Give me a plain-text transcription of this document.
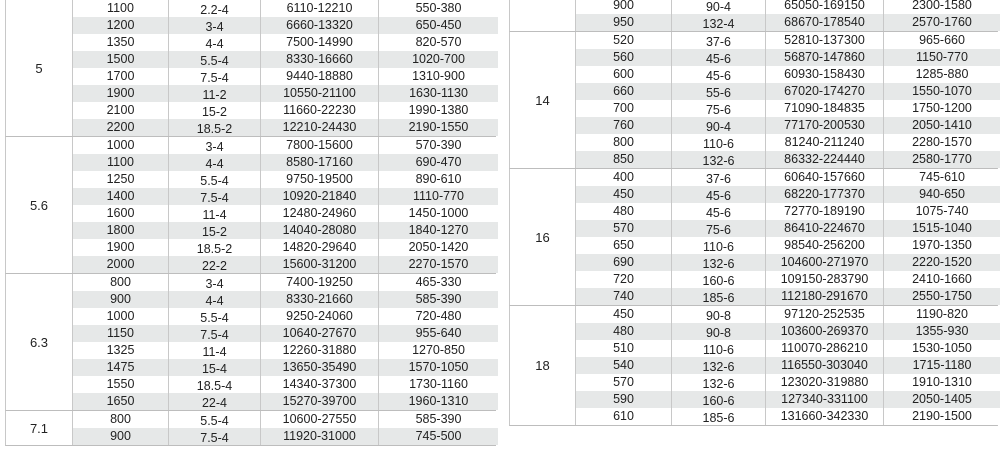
5
1100	2.2-4	6110-12210	550-380
1200	3-4	6660-13320	650-450
1350	4-4	7500-14990	820-570
1500	5.5-4	8330-16660	1020-700
1700	7.5-4	9440-18880	1310-900
1900	11-2	10550-21100	1630-1130
2100	15-2	11660-22230	1990-1380
2200	18.5-2	12210-24430	2190-1550
5.6
1000	3-4	7800-15600	570-390
1100	4-4	8580-17160	690-470
1250	5.5-4	9750-19500	890-610
1400	7.5-4	10920-21840	1110-770
1600	11-4	12480-24960	1450-1000
1800	15-2	14040-28080	1840-1270
1900	18.5-2	14820-29640	2050-1420
2000	22-2	15600-31200	2270-1570
6.3
800	3-4	7400-19250	465-330
900	4-4	8330-21660	585-390
1000	5.5-4	9250-24060	720-480
1150	7.5-4	10640-27670	955-640
1325	11-4	12260-31880	1270-850
1475	15-4	13650-35490	1570-1050
1550	18.5-4	14340-37300	1730-1160
1650	22-4	15270-39700	1960-1310
7.1
800	5.5-4	10600-27550	585-390
900	7.5-4	11920-31000	745-500
900	90-4	65050-169150	2300-1580
950	132-4	68670-178540	2570-1760
14
520	37-6	52810-137300	965-660
560	45-6	56870-147860	1150-770
600	45-6	60930-158430	1285-880
660	55-6	67020-174270	1550-1070
700	75-6	71090-184835	1750-1200
760	90-4	77170-200530	2050-1410
800	110-6	81240-211240	2280-1570
850	132-6	86332-224440	2580-1770
16
400	37-6	60640-157660	745-610
450	45-6	68220-177370	940-650
480	45-6	72770-189190	1075-740
570	75-6	86410-224670	1515-1040
650	110-6	98540-256200	1970-1350
690	132-6	104600-271970	2220-1520
720	160-6	109150-283790	2410-1660
740	185-6	112180-291670	2550-1750
18
450	90-8	97120-252535	1190-820
480	90-8	103600-269370	1355-930
510	110-6	110070-286210	1530-1050
540	132-6	116550-303040	1715-1180
570	132-6	123020-319880	1910-1310
590	160-6	127340-331100	2050-1405
610	185-6	131660-342330	2190-1500
